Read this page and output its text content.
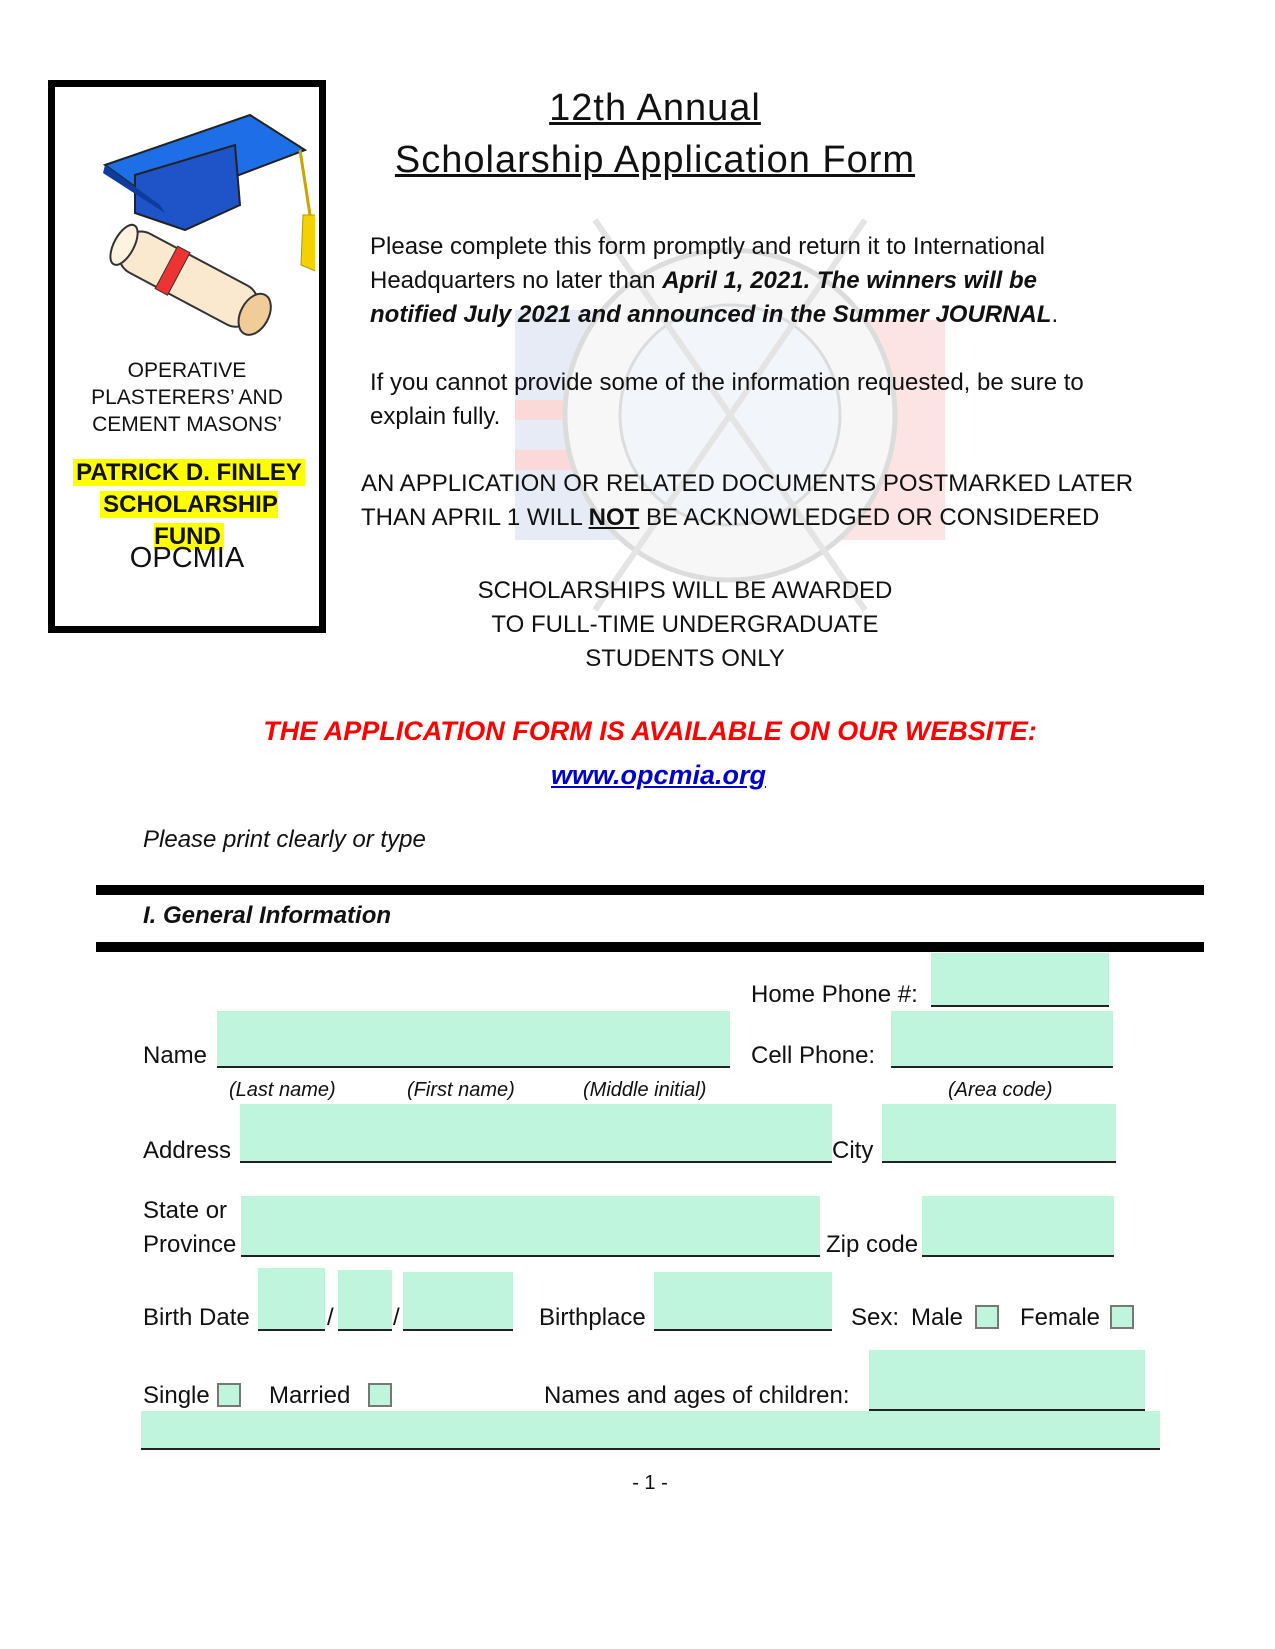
OPERATIVE
PLASTERERS’ AND
CEMENT MASONS’
PATRICK D. FINLEY
SCHOLARSHIP FUND
OPCMIA
12th Annual
Scholarship Application Form
Please complete this form promptly and return it to International Headquarters no later than April 1, 2021. The winners will be notified July 2021 and announced in the Summer JOURNAL.
If you cannot provide some of the information requested, be sure to explain fully.
AN APPLICATION OR RELATED DOCUMENTS POSTMARKED LATER
THAN APRIL 1 WILL NOT BE ACKNOWLEDGED OR CONSIDERED
SCHOLARSHIPS WILL BE AWARDED
TO FULL-TIME UNDERGRADUATE
STUDENTS ONLY
THE APPLICATION FORM IS AVAILABLE ON OUR WEBSITE:
www.opcmia.org
Please print clearly or type
I. General Information
Home Phone #:
Name	Cell Phone:
(Last name)	(First name)	(Middle initial)	(Area code)
Address	City
State or
Province	Zip code
Birth Date	/ /	Birthplace	Sex: Male Female
Single Married	Names and ages of children:
- 1 -
